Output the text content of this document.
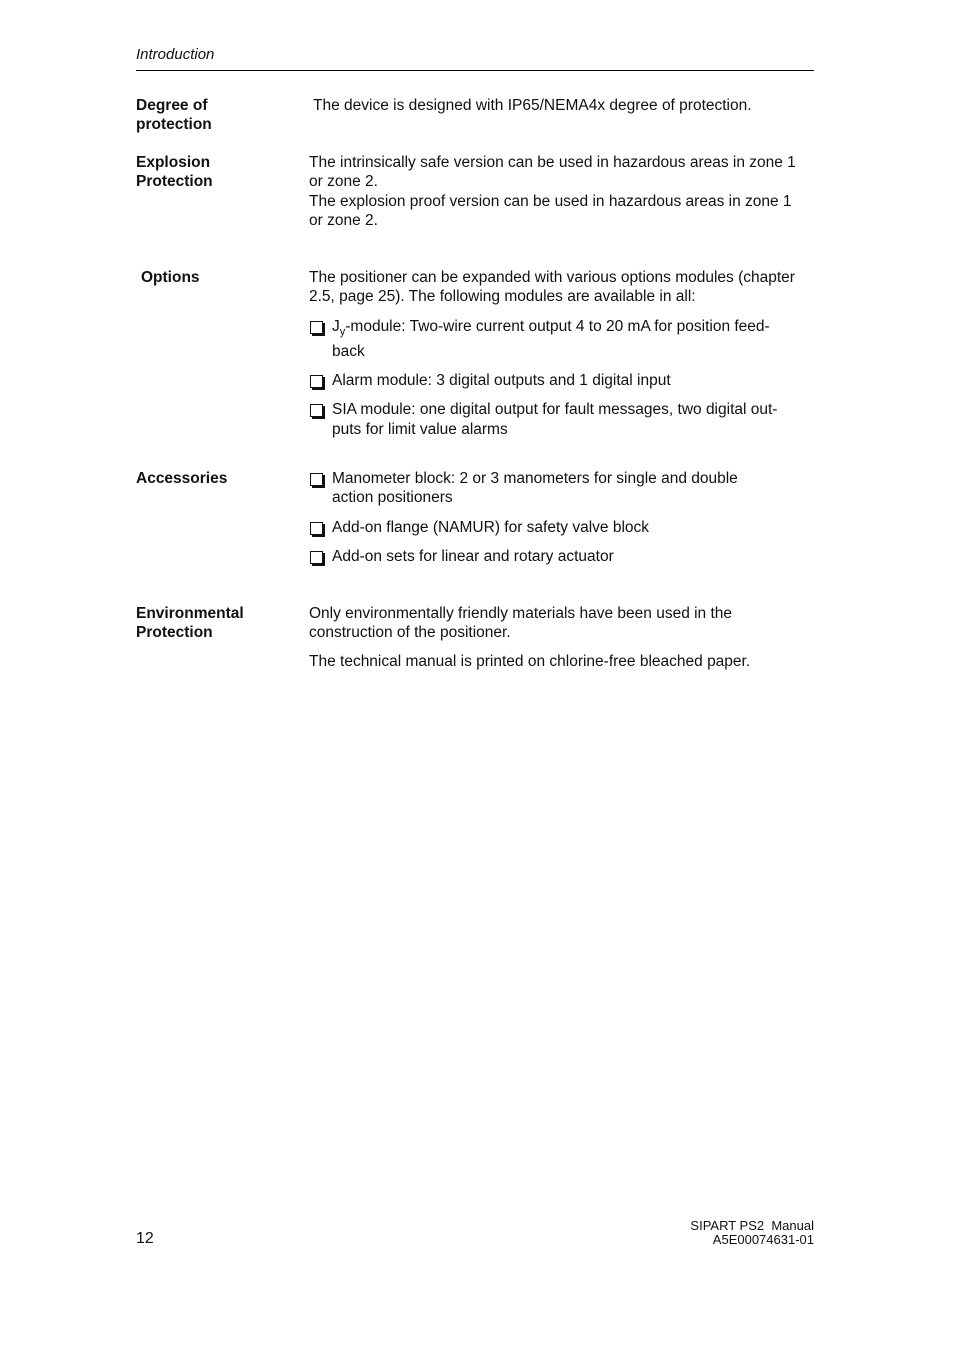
Introduction
Degree of
protection
The device is designed with IP65/NEMA4x degree of protection.
Explosion
Protection
The intrinsically safe version can be used in hazardous areas in zone 1
or zone 2.
The explosion proof version can be used in hazardous areas in zone 1
or zone 2.
Options	The positioner can be expanded with various options modules (chapter
2.5, page 25). The following modules are available in all:
$J_y$-module: Two‐wire current output 4 to 20 mA for position feed-
back
Alarm module: 3 digital outputs and 1 digital input
SIA module: one digital output for fault messages, two digital out-
puts for limit value alarms
Accessories	Manometer block: 2 or 3 manometers for single and double
action positioners
Add‐on flange (NAMUR) for safety valve block
Add‐on sets for linear and rotary actuator
Environmental
Protection
Only environmentally friendly materials have been used in the
construction of the positioner.
The technical manual is printed on chlorine‐free bleached paper.
12
SIPART PS2  Manual
A5E00074631-01
